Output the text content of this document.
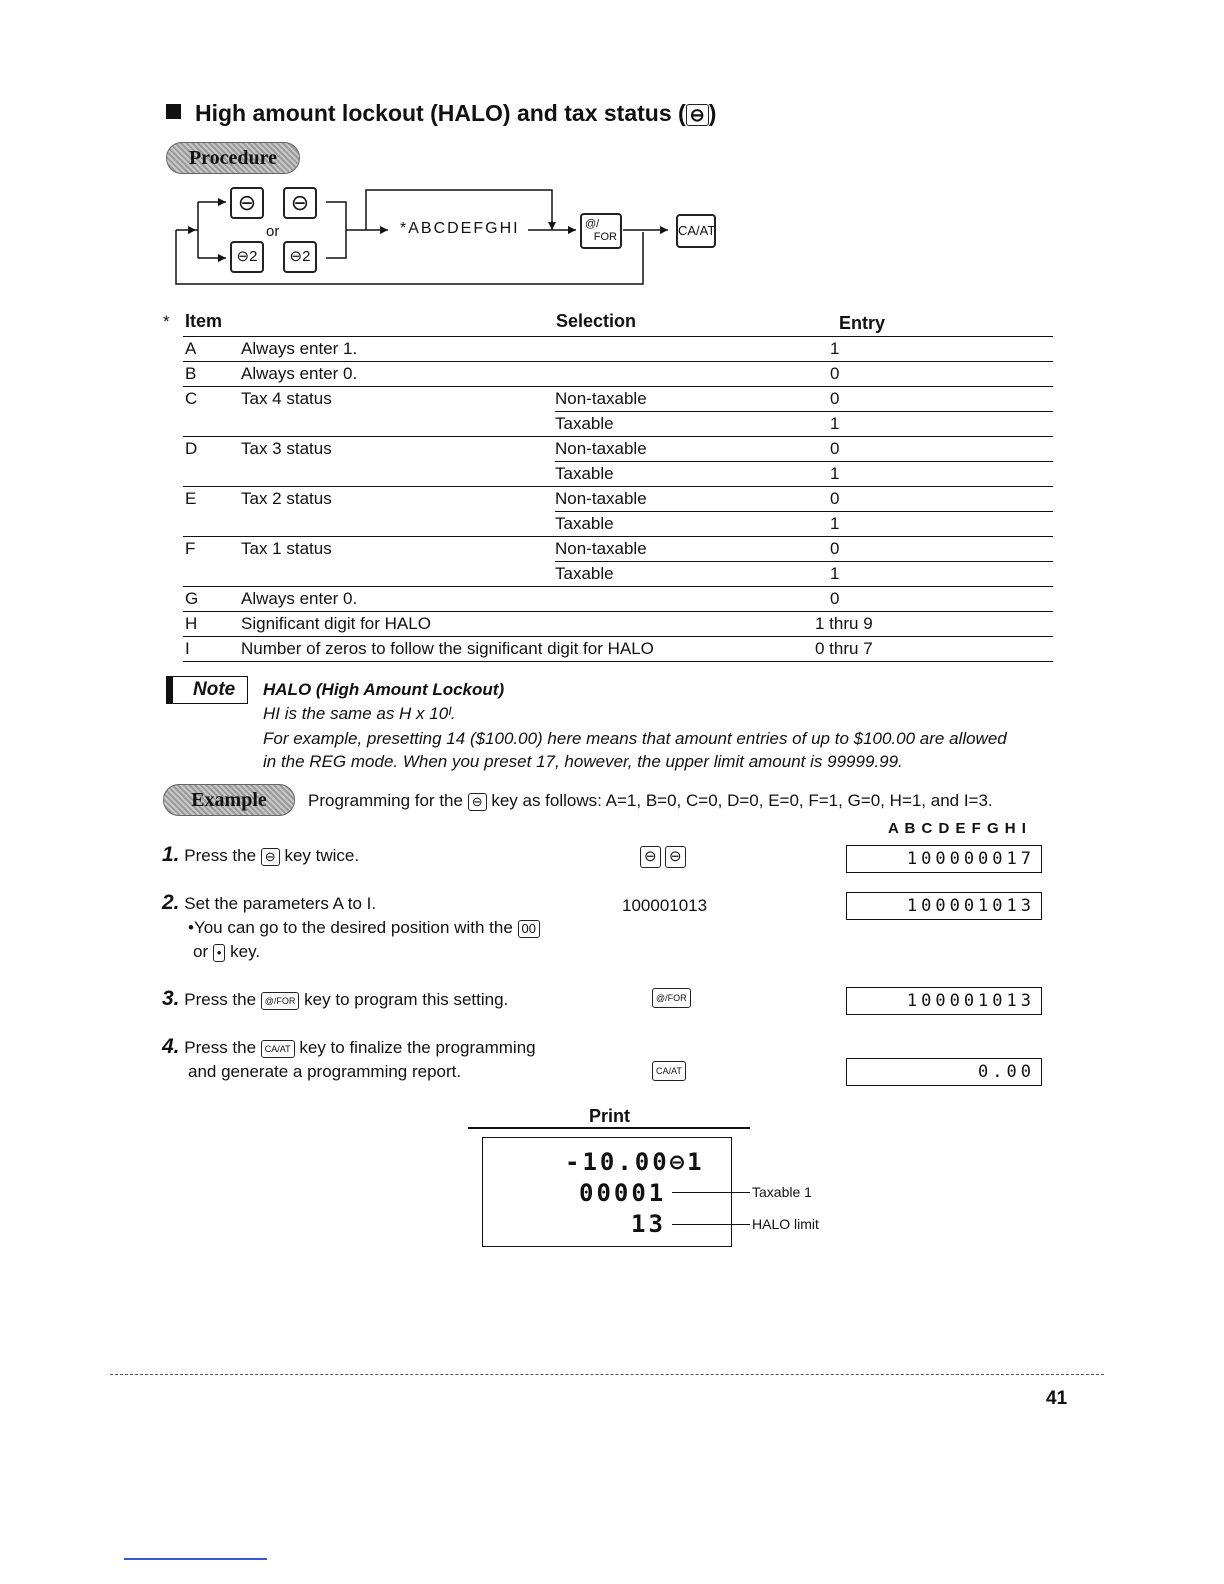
High amount lockout (HALO) and tax status ( ⊖ )
Procedure
⊖	⊖
or
⊖2	⊖2
*ABCDEFGHI	@/
FOR	CA/AT
* Item	Selection	Entry
A	Always enter 1.		1
B	Always enter 0.		0
C	Tax 4 status	Non-taxable	0
		Taxable	1
D	Tax 3 status	Non-taxable	0
		Taxable	1
E	Tax 2 status	Non-taxable	0
		Taxable	1
F	Tax 1 status	Non-taxable	0
		Taxable	1
G	Always enter 0.		0
H	Significant digit for HALO		1 thru 9
I	Number of zeros to follow the significant digit for HALO		0 thru 7
Note	HALO (High Amount Lockout)
HI is the same as H x 10ᴵ.
For example, presetting 14 ($100.00) here means that amount entries of up to $100.00 are allowed
in the REG mode. When you preset 17, however, the upper limit amount is 99999.99.
Example	Programming for the ⊖ key as follows: A=1, B=0, C=0, D=0, E=0, F=1, G=0, H=1, and I=3.
A B C D E F G H I
1. Press the ⊖ key twice.	⊖ ⊖	100000017
2. Set the parameters A to I.
•You can go to the desired position with the 00
or • key.
100001013	100001013
3. Press the @/FOR key to program this setting.	@/FOR	100001013
4. Press the CA/AT key to finalize the programming
and generate a programming report.	CA/AT	0.00
Print
-10.00⊖1
00001
13
Taxable 1
HALO limit
41
